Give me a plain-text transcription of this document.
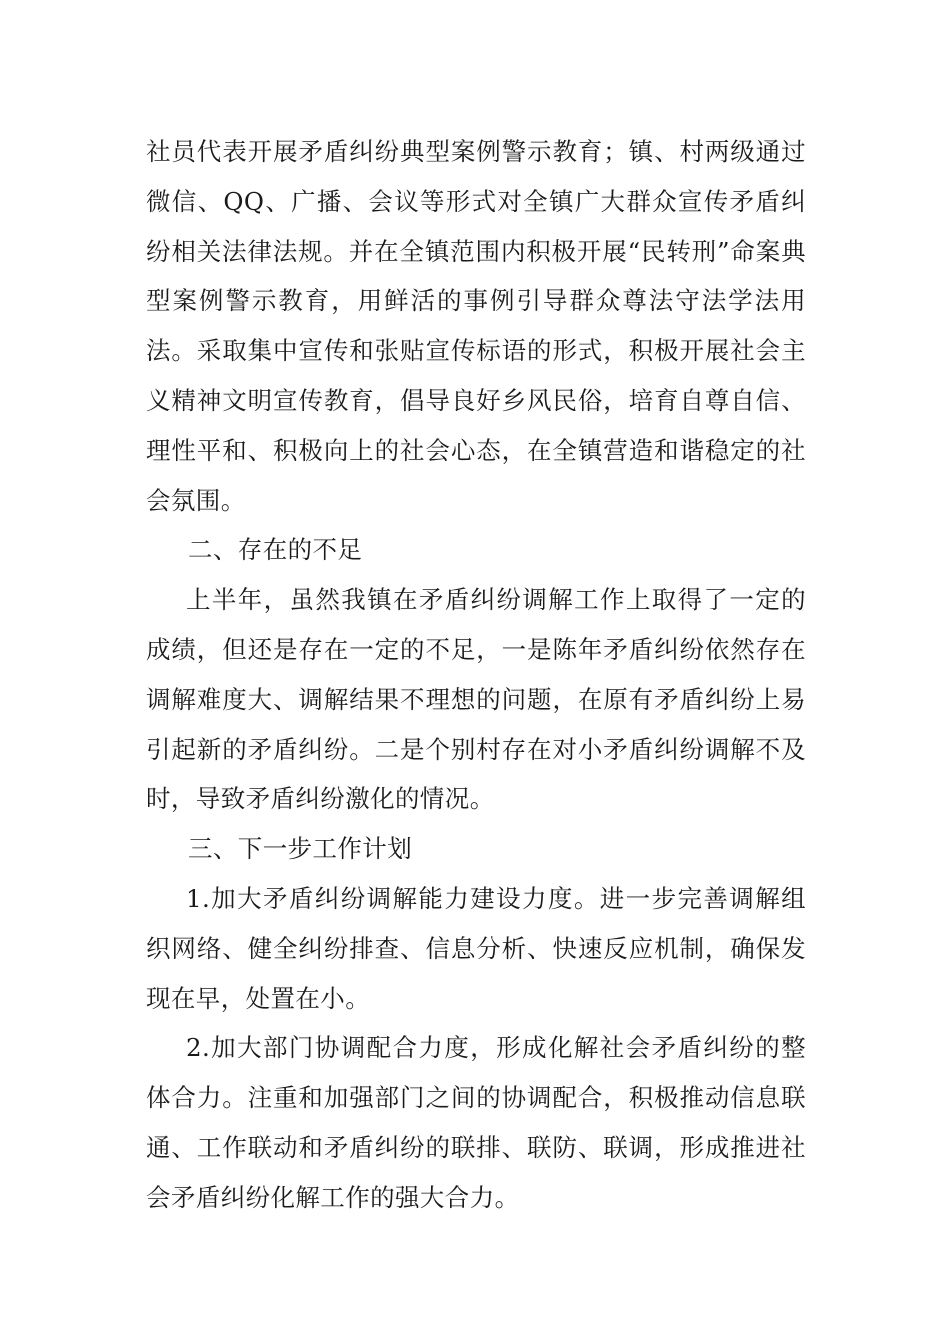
社员代表开展矛盾纠纷典型案例警示教育；镇、村两级通过微信、QQ、广播、会议等形式对全镇广大群众宣传矛盾纠纷相关法律法规。并在全镇范围内积极开展“民转刑”命案典型案例警示教育，用鲜活的事例引导群众尊法守法学法用法。采取集中宣传和张贴宣传标语的形式，积极开展社会主义精神文明宣传教育，倡导良好乡风民俗，培育自尊自信、理性平和、积极向上的社会心态，在全镇营造和谐稳定的社会氛围。

二、存在的不足

上半年，虽然我镇在矛盾纠纷调解工作上取得了一定的成绩，但还是存在一定的不足，一是陈年矛盾纠纷依然存在调解难度大、调解结果不理想的问题，在原有矛盾纠纷上易引起新的矛盾纠纷。二是个别村存在对小矛盾纠纷调解不及时，导致矛盾纠纷激化的情况。

三、下一步工作计划

1.加大矛盾纠纷调解能力建设力度。进一步完善调解组织网络、健全纠纷排查、信息分析、快速反应机制，确保发现在早，处置在小。

2.加大部门协调配合力度，形成化解社会矛盾纠纷的整体合力。注重和加强部门之间的协调配合，积极推动信息联通、工作联动和矛盾纠纷的联排、联防、联调，形成推进社会矛盾纠纷化解工作的强大合力。
